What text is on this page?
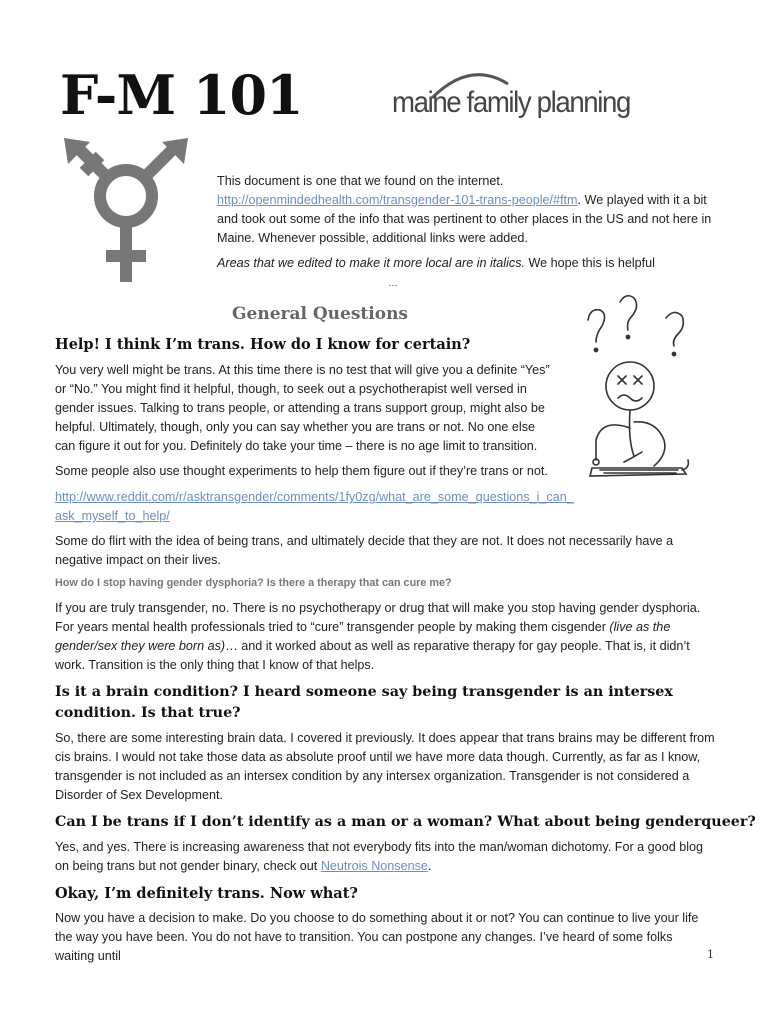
F-M 101	maine family planning

This document is one that we found on the internet.
http://openmindedhealth.com/transgender-101-trans-people/#ftm. We played with it a bit and took out some of the info that was pertinent to other places in the US and not here in Maine. Whenever possible, additional links were added.

Areas that we edited to make it more local are in italics. We hope this is helpful

…
General Questions
Help! I think I’m trans. How do I know for certain?

You very well might be trans. At this time there is no test that will give you a definite “Yes” or “No.” You might find it helpful, though, to seek out a psychotherapist well versed in gender issues. Talking to trans people, or attending a trans support group, might also be helpful. Ultimately, though, only you can say whether you are trans or not. No one else can figure it out for you. Definitely do take your time – there is no age limit to transition.

Some people also use thought experiments to help them figure out if they’re trans or not.

http://www.reddit.com/r/asktransgender/comments/1fy0zg/what_are_some_questions_i_can_ask_myself_to_help/

Some do flirt with the idea of being trans, and ultimately decide that they are not. It does not necessarily have a negative impact on their lives.

How do I stop having gender dysphoria? Is there a therapy that can cure me?

If you are truly transgender, no. There is no psychotherapy or drug that will make you stop having gender dysphoria. For years mental health professionals tried to “cure” transgender people by making them cisgender (live as the gender/sex they were born as)… and it worked about as well as reparative therapy for gay people. That is, it didn’t work. Transition is the only thing that I know of that helps.

Is it a brain condition? I heard someone say being transgender is an intersex condition. Is that true?

So, there are some interesting brain data. I covered it previously. It does appear that trans brains may be different from cis brains. I would not take those data as absolute proof until we have more data though. Currently, as far as I know, transgender is not included as an intersex condition by any intersex organization. Transgender is not considered a Disorder of Sex Development.

Can I be trans if I don’t identify as a man or a woman? What about being genderqueer?

Yes, and yes. There is increasing awareness that not everybody fits into the man/woman dichotomy. For a good blog on being trans but not gender binary, check out Neutrois Nonsense.

Okay, I’m definitely trans. Now what?

Now you have a decision to make. Do you choose to do something about it or not? You can continue to live your life the way you have been. You do not have to transition. You can postpone any changes. I’ve heard of some folks waiting until	1
